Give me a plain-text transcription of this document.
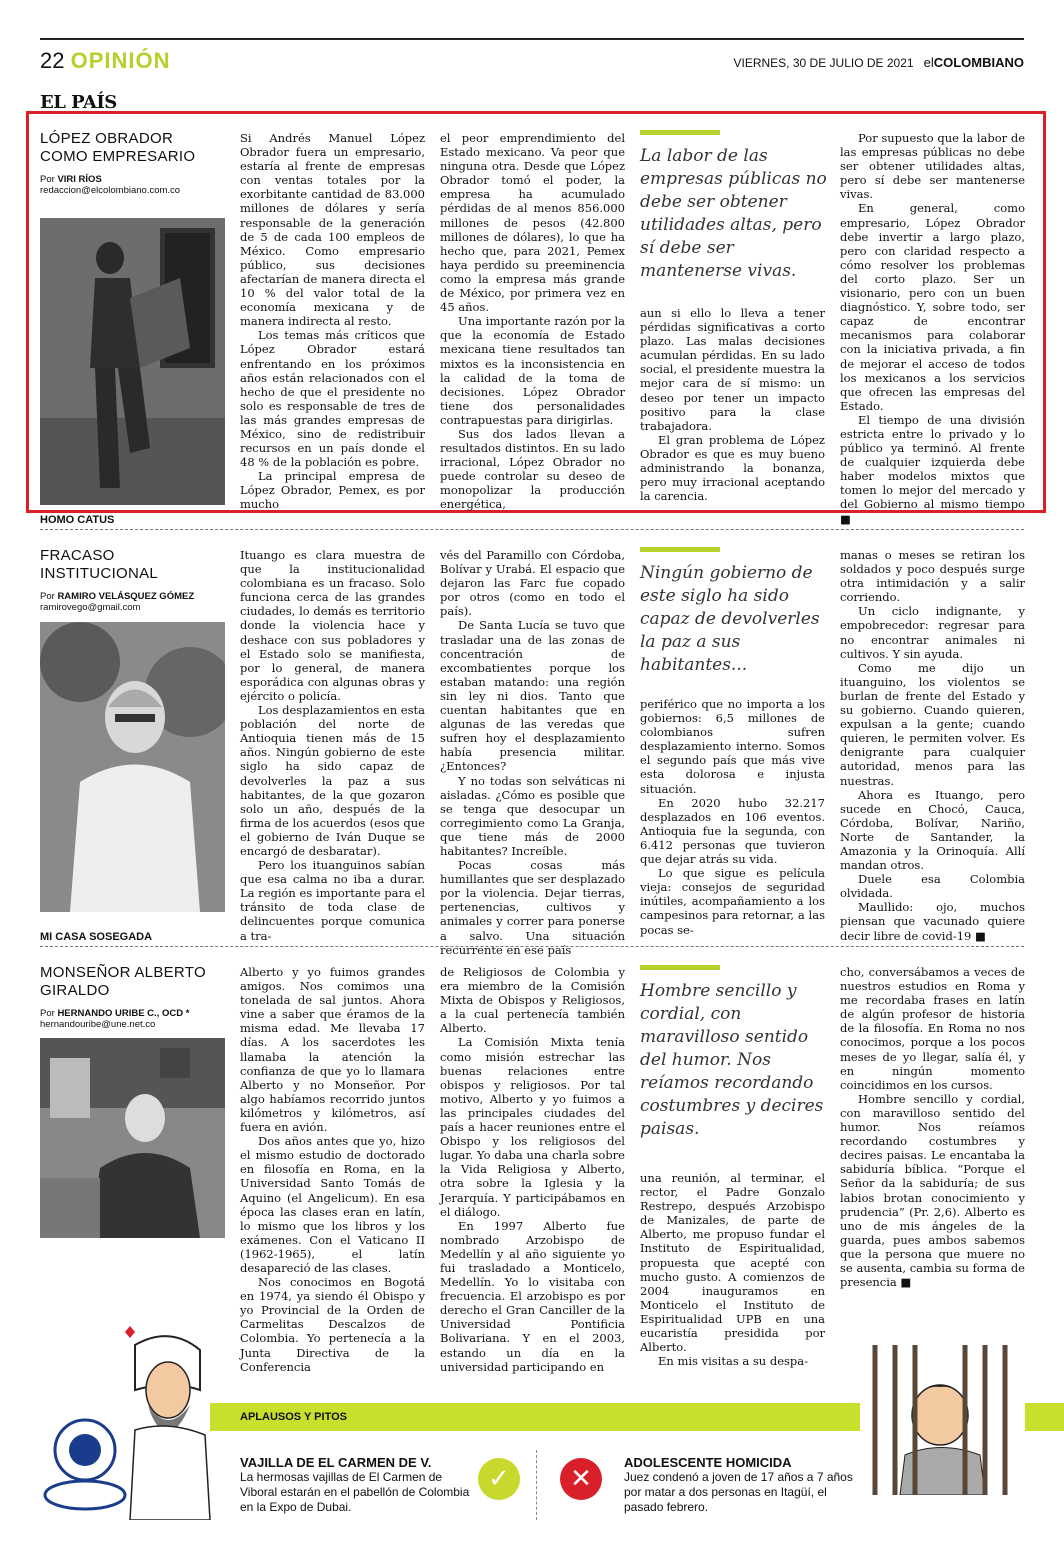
22 OPINIÓN	VIERNES, 30 DE JULIO DE 2021 elCOLOMBIANO
EL PAÍS
LÓPEZ OBRADOR
COMO EMPRESARIO
Por VIRI RÍOS
redaccion@elcolombiano.com.co

Si Andrés Manuel López Obrador fuera un empresario, estaría al frente de empresas con ventas totales por la exorbitante cantidad de 83.000 millones de dólares y sería responsable de la generación de 5 de cada 100 empleos de México. Como empresario público, sus decisiones afectarían de manera directa el 10 % del valor total de la economía mexicana y de manera indirecta al resto.

Los temas más críticos que López Obrador estará enfrentando en los próximos años están relacionados con el hecho de que el presidente no solo es responsable de tres de las más grandes empresas de México, sino de redistribuir recursos en un país donde el 48 % de la población es pobre.

La principal empresa de López Obrador, Pemex, es por mucho

el peor emprendimiento del Estado mexicano. Va peor que ninguna otra. Desde que López Obrador tomó el poder, la empresa ha acumulado pérdidas de al menos 856.000 millones de pesos (42.800 millones de dólares), lo que ha hecho que, para 2021, Pemex haya perdido su preeminencia como la empresa más grande de México, por primera vez en 45 años.

Una importante razón por la que la economía de Estado mexicana tiene resultados tan mixtos es la inconsistencia en la calidad de la toma de decisiones. López Obrador tiene dos personalidades contrapuestas para dirigirlas.

Sus dos lados llevan a resultados distintos. En su lado irracional, López Obrador no puede controlar su deseo de monopolizar la producción energética,

La labor de las empresas públicas no debe ser obtener utilidades altas, pero sí debe ser mantenerse vivas.

aun si ello lo lleva a tener pérdidas significativas a corto plazo. Las malas decisiones acumulan pérdidas. En su lado social, el presidente muestra la mejor cara de sí mismo: un deseo por tener un impacto positivo para la clase trabajadora.

El gran problema de López Obrador es que es muy bueno administrando la bonanza, pero muy irracional aceptando la carencia.

Por supuesto que la labor de las empresas públicas no debe ser obtener utilidades altas, pero sí debe ser mantenerse vivas.

En general, como empresario, López Obrador debe invertir a largo plazo, pero con claridad respecto a cómo resolver los problemas del corto plazo. Ser un visionario, pero con un buen diagnóstico. Y, sobre todo, ser capaz de encontrar mecanismos para colaborar con la iniciativa privada, a fin de mejorar el acceso de todos los mexicanos a los servicios que ofrecen las empresas del Estado.

El tiempo de una división estricta entre lo privado y lo público ya terminó. Al frente de cualquier izquierda debe haber modelos mixtos que tomen lo mejor del mercado y del Gobierno al mismo tiempo ■

HOMO CATUS
FRACASO
INSTITUCIONAL
Por RAMIRO VELÁSQUEZ GÓMEZ
ramirovego@gmail.com

Ituango es clara muestra de que la institucionalidad colombiana es un fracaso. Solo funciona cerca de las grandes ciudades, lo demás es territorio donde la violencia hace y deshace con sus pobladores y el Estado solo se manifiesta, por lo general, de manera esporádica con algunas obras y ejército o policía.

Los desplazamientos en esta población del norte de Antioquia tienen más de 15 años. Ningún gobierno de este siglo ha sido capaz de devolverles la paz a sus habitantes, de la que gozaron solo un año, después de la firma de los acuerdos (esos que el gobierno de Iván Duque se encargó de desbaratar).

Pero los ituanguinos sabían que esa calma no iba a durar. La región es importante para el tránsito de toda clase de delincuentes porque comunica a tra-

vés del Paramillo con Córdoba, Bolívar y Urabá. El espacio que dejaron las Farc fue copado por otros (como en todo el país).

De Santa Lucía se tuvo que trasladar una de las zonas de concentración de excombatientes porque los estaban matando: una región sin ley ni dios. Tanto que cuentan habitantes que en algunas de las veredas que sufren hoy el desplazamiento había presencia militar. ¿Entonces?

Y no todas son selváticas ni aisladas. ¿Cómo es posible que se tenga que desocupar un corregimiento como La Granja, que tiene más de 2000 habitantes? Increíble.

Pocas cosas más humillantes que ser desplazado por la violencia. Dejar tierras, pertenencias, cultivos y animales y correr para ponerse a salvo. Una situación recurrente en ese país

Ningún gobierno de este siglo ha sido capaz de devolverles la paz a sus habitantes...

periférico que no importa a los gobiernos: 6,5 millones de colombianos sufren desplazamiento interno. Somos el segundo país que más vive esta dolorosa e injusta situación.

En 2020 hubo 32.217 desplazados en 106 eventos. Antioquia fue la segunda, con 6.412 personas que tuvieron que dejar atrás su vida.

Lo que sigue es película vieja: consejos de seguridad inútiles, acompañamiento a los campesinos para retornar, a las pocas se-

manas o meses se retiran los soldados y poco después surge otra intimidación y a salir corriendo.

Un ciclo indignante, y empobrecedor: regresar para no encontrar animales ni cultivos. Y sin ayuda.

Como me dijo un ituanguino, los violentos se burlan de frente del Estado y su gobierno. Cuando quieren, expulsan a la gente; cuando quieren, le permiten volver. Es denigrante para cualquier autoridad, menos para las nuestras.

Ahora es Ituango, pero sucede en Chocó, Cauca, Córdoba, Bolívar, Nariño, Norte de Santander, la Amazonia y la Orinoquía. Allí mandan otros.

Duele esa Colombia olvidada.

Maullido: ojo, muchos piensan que vacunado quiere decir libre de covid-19 ■

MI CASA SOSEGADA
MONSEÑOR ALBERTO
GIRALDO
Por HERNANDO URIBE C., OCD *
hernandouribe@une.net.co

Alberto y yo fuimos grandes amigos. Nos comimos una tonelada de sal juntos. Ahora vine a saber que éramos de la misma edad. Me llevaba 17 días. A los sacerdotes les llamaba la atención la confianza de que yo lo llamara Alberto y no Monseñor. Por algo habíamos recorrido juntos kilómetros y kilómetros, así fuera en avión.

Dos años antes que yo, hizo el mismo estudio de doctorado en filosofía en Roma, en la Universidad Santo Tomás de Aquino (el Angelicum). En esa época las clases eran en latín, lo mismo que los libros y los exámenes. Con el Vaticano II (1962-1965), el latín desapareció de las clases.

Nos conocimos en Bogotá en 1974, ya siendo él Obispo y yo Provincial de la Orden de Carmelitas Descalzos de Colombia. Yo pertenecía a la Junta Directiva de la Conferencia

de Religiosos de Colombia y era miembro de la Comisión Mixta de Obispos y Religiosos, a la cual pertenecía también Alberto.

La Comisión Mixta tenía como misión estrechar las buenas relaciones entre obispos y religiosos. Por tal motivo, Alberto y yo fuimos a las principales ciudades del país a hacer reuniones entre el Obispo y los religiosos del lugar. Yo daba una charla sobre la Vida Religiosa y Alberto, otra sobre la Iglesia y la Jerarquía. Y participábamos en el diálogo.

En 1997 Alberto fue nombrado Arzobispo de Medellín y al año siguiente yo fui trasladado a Monticelo, Medellín. Yo lo visitaba con frecuencia. El arzobispo es por derecho el Gran Canciller de la Universidad Pontificia Bolivariana. Y en el 2003, estando un día en la universidad participando en

Hombre sencillo y cordial, con maravilloso sentido del humor. Nos reíamos recordando costumbres y decires paisas.

una reunión, al terminar, el rector, el Padre Gonzalo Restrepo, después Arzobispo de Manizales, de parte de Alberto, me propuso fundar el Instituto de Espiritualidad, propuesta que acepté con mucho gusto. A comienzos de 2004 inauguramos en Monticelo el Instituto de Espiritualidad UPB en una eucaristía presidida por Alberto.

En mis visitas a su despa-

cho, conversábamos a veces de nuestros estudios en Roma y me recordaba frases en latín de algún profesor de historia de la filosofía. En Roma no nos conocimos, porque a los pocos meses de yo llegar, salía él, y en ningún momento coincidimos en los cursos.

Hombre sencillo y cordial, con maravilloso sentido del humor. Nos reíamos recordando costumbres y decires paisas. Le encantaba la sabiduría bíblica. “Porque el Señor da la sabiduría; de sus labios brotan conocimiento y prudencia” (Pr. 2,6). Alberto es uno de mis ángeles de la guarda, pues ambos sabemos que la persona que muere no se ausenta, cambia su forma de presencia ■

APLAUSOS Y PITOS
VAJILLA DE EL CARMEN DE V.
La hermosas vajillas de El Carmen de Viboral estarán en el pabellón de Colombia en la Expo de Dubai.
✓	✕
ADOLESCENTE HOMICIDA
Juez condenó a joven de 17 años a 7 años por matar a dos personas en Itagüí, el pasado febrero.
